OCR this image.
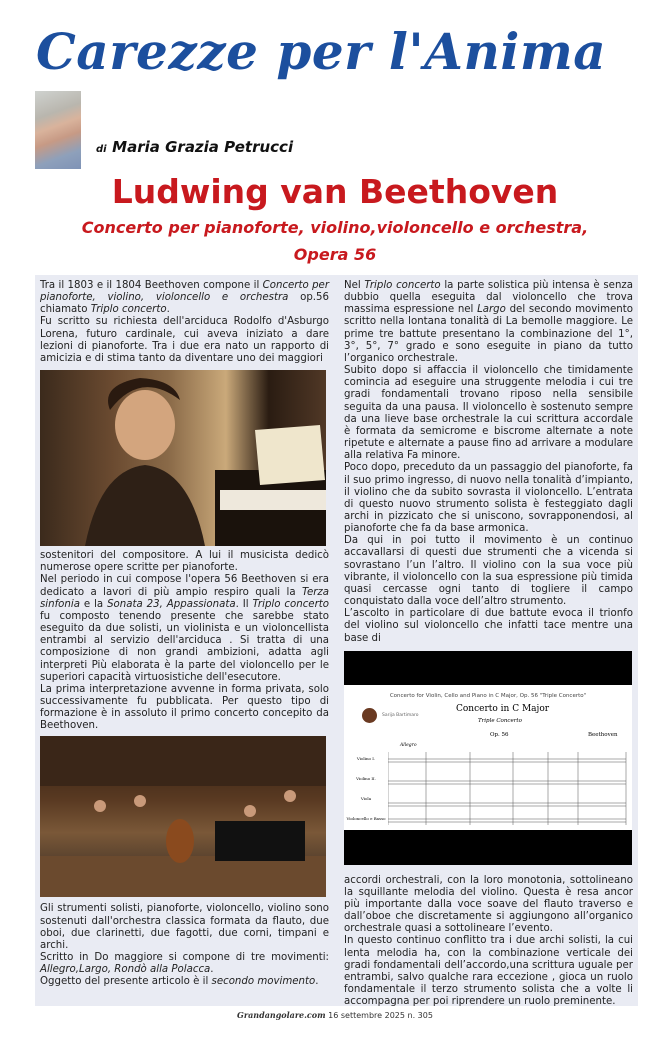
Carezze per l'Anima
di Maria Grazia Petrucci
Ludwing van Beethoven
Concerto per pianoforte, violino,violoncello e orchestra,
Opera 56

Tra il 1803 e il 1804 Beethoven compone il Concerto per pianoforte, violino, violoncello e orchestra op.56 chiamato Triplo concerto.

Fu scritto su richiesta dell'arciduca Rodolfo d'Asburgo Lorena, futuro cardinale, cui aveva iniziato a dare lezioni di pianoforte. Tra i due era nato un rapporto di amicizia e di stima tanto da diventare uno dei maggiori

sostenitori del compositore. A lui il musicista dedicò numerose opere scritte per pianoforte.

Nel periodo in cui compose l'opera 56 Beethoven si era dedicato a lavori di più ampio respiro quali la Terza sinfonia e la Sonata 23, Appassionata. Il Triplo concerto fu composto tenendo presente che sarebbe stato eseguito da due solisti, un violinista e un violoncellista entrambi al servizio dell'arciduca . Si tratta di una composizione di non grandi ambizioni, adatta agli interpreti Più elaborata è la parte del violoncello per le superiori capacità virtuosistiche dell'esecutore.

La prima interpretazione avvenne in forma privata, solo successivamente fu pubblicata. Per questo tipo di formazione è in assoluto il primo concerto concepito da Beethoven.

Gli strumenti solisti, pianoforte, violoncello, violino sono sostenuti dall'orchestra classica formata da flauto, due oboi, due clarinetti, due fagotti, due corni, timpani e archi.

Scritto in Do maggiore si compone di tre movimenti: Allegro,Largo, Rondò alla Polacca.

Oggetto del presente articolo è il secondo movimento.

Nel Triplo concerto la parte solistica più intensa è senza dubbio quella eseguita dal violoncello che trova massima espressione nel Largo del secondo movimento scritto nella lontana tonalità di La bemolle maggiore. Le prime tre battute presentano la combinazione del 1°, 3°, 5°, 7° grado e sono eseguite in piano da tutto l’organico orchestrale.

Subito dopo si affaccia il violoncello che timidamente comincia ad eseguire una struggente melodia i cui tre gradi fondamentali trovano riposo nella sensibile seguita da una pausa. Il violoncello è sostenuto sempre da una lieve base orchestrale la cui scrittura accordale è formata da semicrome e biscrome alternate a note ripetute e alternate a pause fino ad arrivare a modulare alla relativa Fa minore.

Poco dopo, preceduto da un passaggio del pianoforte, fa il suo primo ingresso, di nuovo nella tonalità d’impianto, il violino che da subito sovrasta il violoncello. L’entrata di questo nuovo strumento solista è festeggiato dagli archi in pizzicato che si uniscono, sovrapponendosi, al pianoforte che fa da base armonica.

Da qui in poi tutto il movimento è un continuo accavallarsi di questi due strumenti che a vicenda si sovrastano l’un l’altro. Il violino con la sua voce più vibrante, il violoncello con la sua espressione più timida quasi cercasse ogni tanto di togliere il campo conquistato dalla voce dell’altro strumento.

L’ascolto in particolare di due battute evoca il trionfo del violino sul violoncello che infatti tace mentre una base di

Concerto for Violin, Cello and Piano in C Major, Op. 56 "Triple Concerto"
Sarija Bartimaro
Concerto in C Major
Triple Concerto
Op. 56	Beethoven
Allegro
Violino I.
Violino II.
Viola
Violoncello e Basso

accordi orchestrali, con la loro monotonia, sottolineano la squillante melodia del violino. Questa è resa ancor più importante dalla voce soave del flauto traverso e dall’oboe che discretamente si aggiungono all’organico orchestrale quasi a sottolineare l’evento.

In questo continuo conflitto tra i due archi solisti, la cui lenta melodia ha, con la combinazione verticale dei gradi fondamentali dell’accordo,una scrittura uguale per entrambi, salvo qualche rara eccezione , gioca un ruolo fondamentale il terzo strumento solista che a volte li accompagna per poi riprendere un ruolo preminente.

Grandangolare.com 16 settembre 2025 n. 305
